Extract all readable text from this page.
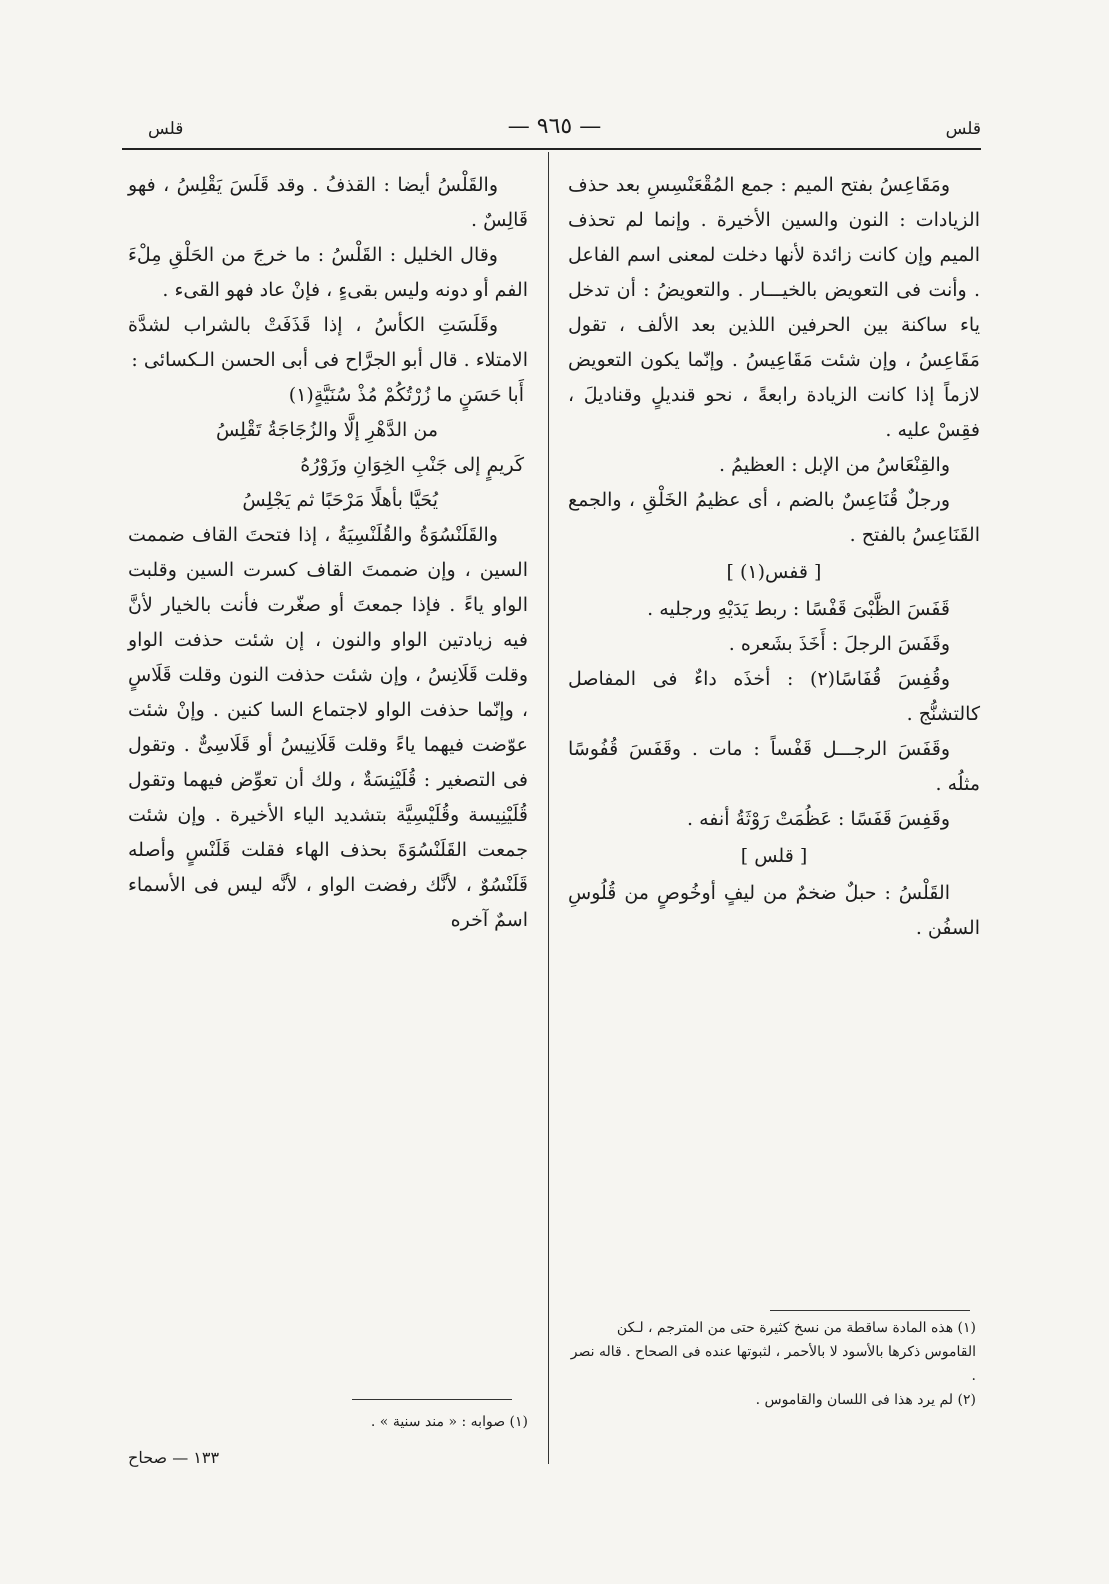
قلس
— ٩٦٥ —
قلس

ومَقَاعِسُ بفتح الميم : جمع المُقْعَنْسِسِ بعد حذف الزيادات : النون والسين الأخيرة . وإنما لم تحذف الميم وإن كانت زائدة لأنها دخلت لمعنى اسم الفاعل . وأنت فى التعويض بالخيـــار . والتعويضُ : أن تدخل ياء ساكنة بين الحرفين اللذين بعد الألف ، تقول مَقَاعِسُ ، وإن شئت مَقَاعِيسُ . وإنّما يكون التعويض لازماً إذا كانت الزيادة رابعةً ، نحو قنديلٍ وقناديلَ ، فقِسْ عليه .

والقِنْعَاسُ من الإبل : العظيمُ .

ورجلٌ قُنَاعِسٌ بالضم ، أى عظيمُ الخَلْقِ ، والجمع القَنَاعِسُ بالفتح .

[ قفس(١) ]

قَفَسَ الظَّبْىَ قَفْسًا : ربط يَدَيْهِ ورجليه .

وقَفَسَ الرجلَ : أَخَذَ بشَعره .

وقُفِسَ قُفَاسًا(٢) : أخذَه داءٌ فى المفاصل كالتشنُّج .

وقَفَسَ الرجـــل قَفْساً : مات . وقَفَسَ قُفُوسًا مثلُه .

وقَفِسَ قَفَسًا : عَظُمَتْ رَوْثَةُ أنفه .

[ قلس ]

القَلْسُ : حبلٌ ضخمٌ من ليفٍ أوخُوصٍ من قُلُوسِ السفُن .

والقَلْسُ أيضا : القذفُ . وقد قَلَسَ يَقْلِسُ ، فهو قَالِسٌ .

وقال الخليل : القَلْسُ : ما خرجَ من الحَلْقِ مِلْءَ الفم أو دونه وليس بقىءٍ ، فإنْ عاد فهو القىء .

وقَلَسَتِ الكأسُ ، إذا قَذَفَتْ بالشراب لشدَّة الامتلاء . قال أبو الجرَّاح فى أبى الحسن الـكسائى :

أَبا حَسَنٍ ما زُرْتُكُمْ مُذْ سُنَيَّةٍ(١)

من الدَّهْرِ إلَّا والزُجَاجَةُ تَقْلِسُ

كَريمٍ إلى جَنْبِ الخِوَانِ وزَوْرُهُ

يُحَيَّا بأهلًا مَرْحَبًا ثم يَجْلِسُ

والقَلَنْسُوَةُ والقُلَنْسِيَةُ ، إذا فتحتَ القاف ضممت السين ، وإن ضممتَ القاف كسرت السين وقلبت الواو ياءً . فإذا جمعتَ أو صغّرت فأنت بالخيار لأنَّ فيه زيادتين الواو والنون ، إن شئت حذفت الواو وقلت قَلَانِسُ ، وإن شئت حذفت النون وقلت قَلَاسٍ ، وإنّما حذفت الواو لاجتماع السا كنين . وإنْ شئت عوّضت فيهما ياءً وقلت قَلَانِيسُ أو قَلَاسِىٌّ . وتقول فى التصغير : قُلَيْنِسَةٌ ، ولك أن تعوِّض فيهما وتقول قُلَيْنِيسة وقُلَيْسِيَّة بتشديد الياء الأخيرة . وإن شئت جمعت القَلَنْسُوَةَ بحذف الهاء فقلت قَلَنْسٍ وأصله قَلَنْسُوٌ ، لأنَّك رفضت الواو ، لأنَّه ليس فى الأسماء اسمٌ آخره

(١) هذه المادة ساقطة من نسخ كثيرة حتى من المترجم ، لـكن القاموس ذكرها بالأسود لا بالأحمر ، لثبوتها عنده فى الصحاح . قاله نصر .

(٢) لم يرد هذا فى اللسان والقاموس .

(١) صوابه : « مند سنية » .

١٣٣ — صحاح
